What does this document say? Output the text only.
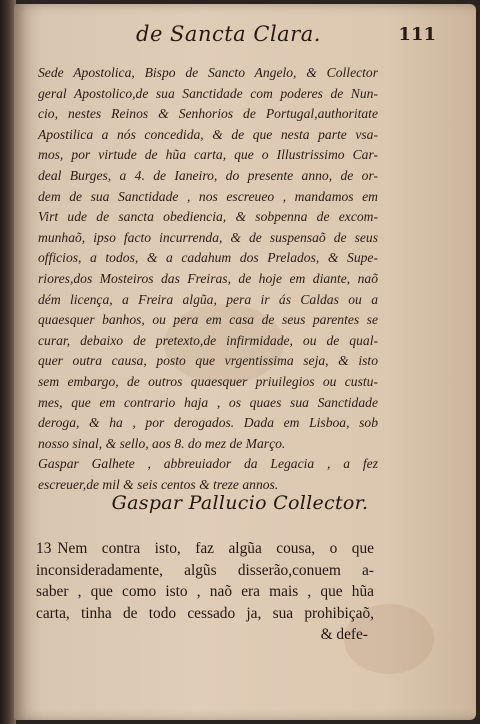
de Sancta Clara.	111
Sede Apostolica, Bispo de Sancto Angelo, & Collector
geral Apostolico,de sua Sanctidade com poderes de Nun-
cio, nestes Reinos & Senhorios de Portugal,authoritate
Apostilica a nós concedida, & de que nesta parte vsa-
mos, por virtude de hũa carta, que o Illustrissimo Car-
deal Burges, a 4. de Ianeiro, do presente anno, de or-
dem de sua Sanctidade , nos escreueo , mandamos em
Virt ude de sancta obediencia, & sobpenna de excom-
munhaõ, ipso facto incurrenda, & de suspensaõ de seus
officios, a todos, & a cadahum dos Prelados, & Supe-
riores,dos Mosteiros das Freiras, de hoje em diante, naõ
dém licença, a Freira algũa, pera ir ás Caldas ou a
quaesquer banhos, ou pera em casa de seus parentes se
curar, debaixo de pretexto,de infirmidade, ou de qual-
quer outra causa, posto que vrgentissima seja, & isto
sem embargo, de outros quaesquer priuilegios ou custu-
mes, que em contrario haja , os quaes sua Sanctidade
deroga, & ha , por derogados. Dada em Lisboa, sob
nosso sinal, & sello, aos 8. do mez de Março.
Gaspar Galhete , abbreuiador da Legacia , a fez
escreuer,de mil & seis centos & treze annos.
Gaspar Pallucio Collector.
13 Nem contra isto, faz algũa cousa, o que
inconsideradamente, algũs disserão,conuem a-
saber , que como isto , naõ era mais , que hũa
carta, tinha de todo cessado ja, sua prohibiçaõ,
& defe-
